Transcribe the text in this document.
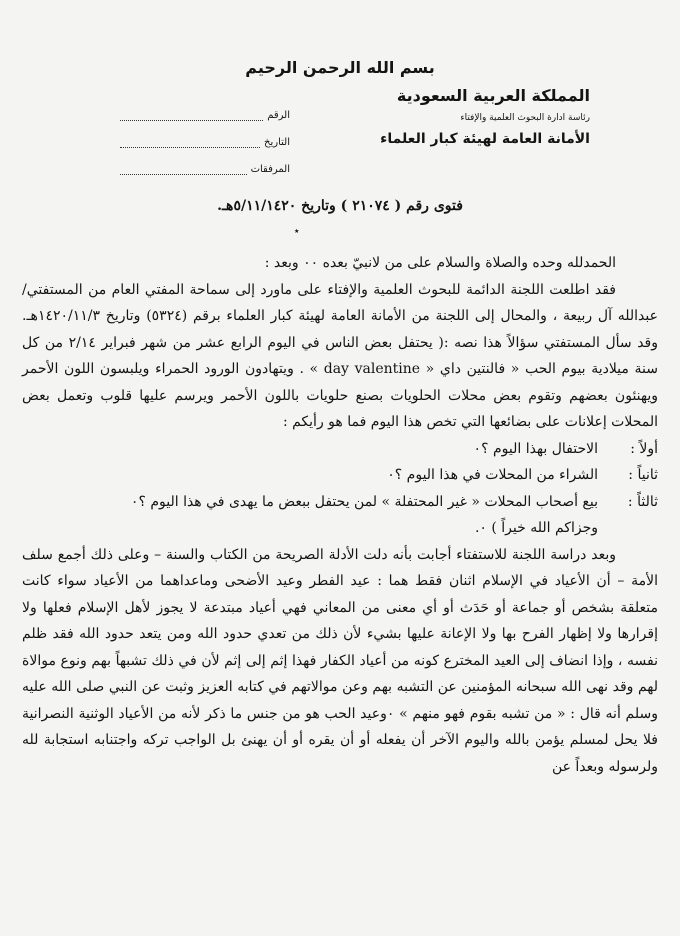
بسم الله الرحمن الرحيم
المملكة العربية السعودية
رئاسة ادارة البحوث العلمية والإفتاء
الأمانة العامة لهيئة كبار العلماء
الرقم
التاريخ
المرفقات
فتوى رقم ( ٢١٠٧٤ ) وتاريخ ٥/١١/١٤٢٠هـ.
٭

الحمدلله وحده والصلاة والسلام على من لانبيّ بعده ٠٠ وبعد :

فقد اطلعت اللجنة الدائمة للبحوث العلمية والإفتاء على ماورد إلى سماحة المفتي العام من المستفتي/عبدالله آل ربيعة ، والمحال إلى اللجنة من الأمانة العامة لهيئة كبار العلماء برقم (٥٣٢٤) وتاريخ ١٤٢٠/١١/٣هـ. وقد سأل المستفتي سؤالاً هذا نصه :( يحتفل بعض الناس في اليوم الرابع عشر من شهر فبراير ٢/١٤ من كل سنة ميلادية بيوم الحب « فالنتين داي « day valentine » . ويتهادون الورود الحمراء ويلبسون اللون الأحمر ويهنئون بعضهم وتقوم بعض محلات الحلويات بصنع حلويات باللون الأحمر ويرسم عليها قلوب وتعمل بعض المحلات إعلانات على بضائعها التي تخص هذا اليوم فما هو رأيكم :

أولاً :
الاحتفال بهذا اليوم ؟٠
ثانياً :
الشراء من المحلات في هذا اليوم ؟٠
ثالثاً :
بيع أصحاب المحلات « غير المحتفلة » لمن يحتفل ببعض ما يهدى في هذا اليوم ؟٠

وجزاكم الله خيراً ) ٠.

وبعد دراسة اللجنة للاستفتاء أجابت بأنه دلت الأدلة الصريحة من الكتاب والسنة – وعلى ذلك أجمع سلف الأمة – أن الأعياد في الإسلام اثنان فقط هما : عيد الفطر وعيد الأضحى وماعداهما من الأعياد سواء كانت متعلقة بشخص أو جماعة أو حَدَث أو أي معنى من المعاني فهي أعياد مبتدعة لا يجوز لأهل الإسلام فعلها ولا إقرارها ولا إظهار الفرح بها ولا الإعانة عليها بشيء لأن ذلك من تعدي حدود الله ومن يتعد حدود الله فقد ظلم نفسه ، وإذا انضاف إلى العيد المخترع كونه من أعياد الكفار فهذا إثم إلى إثم لأن في ذلك تشبهاً بهم ونوع موالاة لهم وقد نهى الله سبحانه المؤمنين عن التشبه بهم وعن موالاتهم في كتابه العزيز وثبت عن النبي صلى الله عليه وسلم أنه قال : « من تشبه بقوم فهو منهم » ٠وعيد الحب هو من جنس ما ذكر لأنه من الأعياد الوثنية النصرانية فلا يحل لمسلم يؤمن بالله واليوم الآخر أن يفعله أو أن يقره أو أن يهنئ بل الواجب تركه واجتنابه استجابة لله ولرسوله وبعداً عن
